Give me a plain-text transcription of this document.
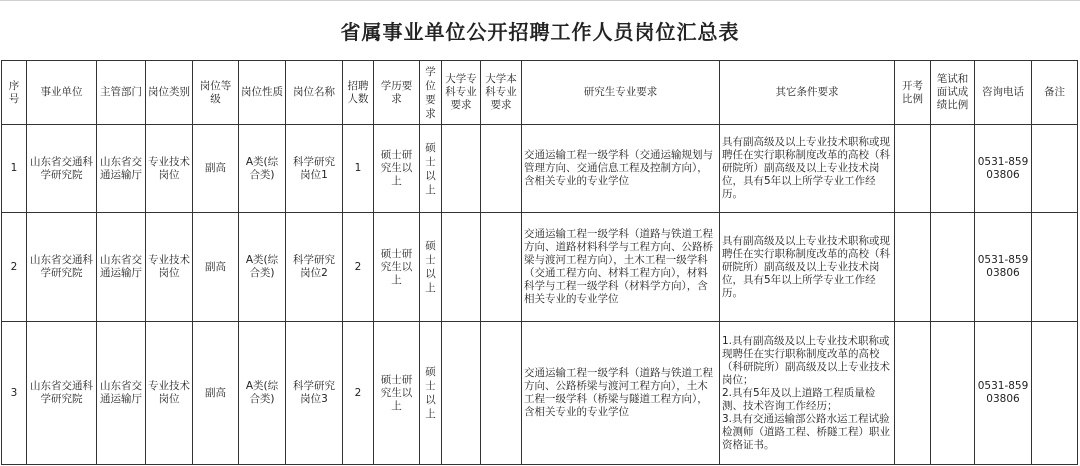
省属事业单位公开招聘工作人员岗位汇总表
序号	事业单位	主管部门	岗位类别	岗位等级	岗位性质	岗位名称	招聘人数	学历要求	学位要求	大学专科专业要求	大学本科专业要求	研究生专业要求	其它条件要求	开考比例	笔试和面试成绩比例	咨询电话	备注
1	山东省交通科学研究院	山东省交通运输厅	专业技术岗位	副高	A类(综合类)	科学研究岗位1	1	硕士研究生以上	硕士以上			交通运输工程一级学科（交通运输规划与管理方向、交通信息工程及控制方向），含相关专业的专业学位	具有副高级及以上专业技术职称或现聘任在实行职称制度改革的高校（科研院所）副高级及以上专业技术岗位，具有5年以上所学专业工作经历。			0531-85903806	
2	山东省交通科学研究院	山东省交通运输厅	专业技术岗位	副高	A类(综合类)	科学研究岗位2	2	硕士研究生以上	硕士以上			交通运输工程一级学科（道路与铁道工程方向、道路材料科学与工程方向、公路桥梁与渡河工程方向），土木工程一级学科（交通工程方向、材料工程方向），材料科学与工程一级学科（材料学方向），含相关专业的专业学位	具有副高级及以上专业技术职称或现聘任在实行职称制度改革的高校（科研院所）副高级及以上专业技术岗位，具有5年以上所学专业工作经历。			0531-85903806	
3	山东省交通科学研究院	山东省交通运输厅	专业技术岗位	副高	A类(综合类)	科学研究岗位3	2	硕士研究生以上	硕士以上			交通运输工程一级学科（道路与铁道工程方向、公路桥梁与渡河工程方向），土木工程一级学科（桥梁与隧道工程方向），含相关专业的专业学位	1.具有副高级及以上专业技术职称或现聘任在实行职称制度改革的高校（科研院所）副高级及以上专业技术岗位；
2.具有5年及以上道路工程质量检测、技术咨询工作经历；
3.具有交通运输部公路水运工程试验检测师（道路工程、桥隧工程）职业资格证书。			0531-85903806	
